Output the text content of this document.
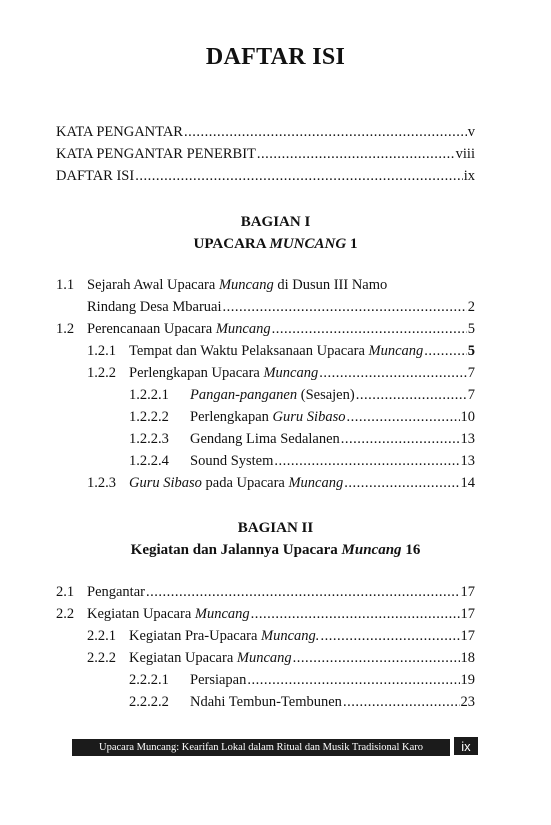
DAFTAR ISI
KATA PENGANTAR .....	v
KATA PENGANTAR PENERBIT .....	viii
DAFTAR ISI .....	ix
BAGIAN I
UPACARA MUNCANG 1
1.1 Sejarah Awal Upacara Muncang di Dusun III Namo
Rindang Desa Mbaruai .....	2
1.2 Perencanaan Upacara Muncang .....	5
1.2.1 Tempat dan Waktu Pelaksanaan Upacara Muncang .....	5
1.2.2 Perlengkapan Upacara Muncang .....	7
1.2.2.1	Pangan-panganen (Sesajen) .....	7
1.2.2.2	Perlengkapan Guru Sibaso .....	10
1.2.2.3	Gendang Lima Sedalanen .....	13
1.2.2.4	Sound System .....	13
1.2.3 Guru Sibaso pada Upacara Muncang .....	14
BAGIAN II
Kegiatan dan Jalannya Upacara Muncang 16
2.1 Pengantar .....	17
2.2 Kegiatan Upacara Muncang .....	17
2.2.1 Kegiatan Pra-Upacara Muncang. .....	17
2.2.2 Kegiatan Upacara Muncang .....	18
2.2.2.1	Persiapan .....	19
2.2.2.2	Ndahi Tembun-Tembunen .....	23
Upacara Muncang: Kearifan Lokal dalam Ritual dan Musik Tradisional Karo	ix
